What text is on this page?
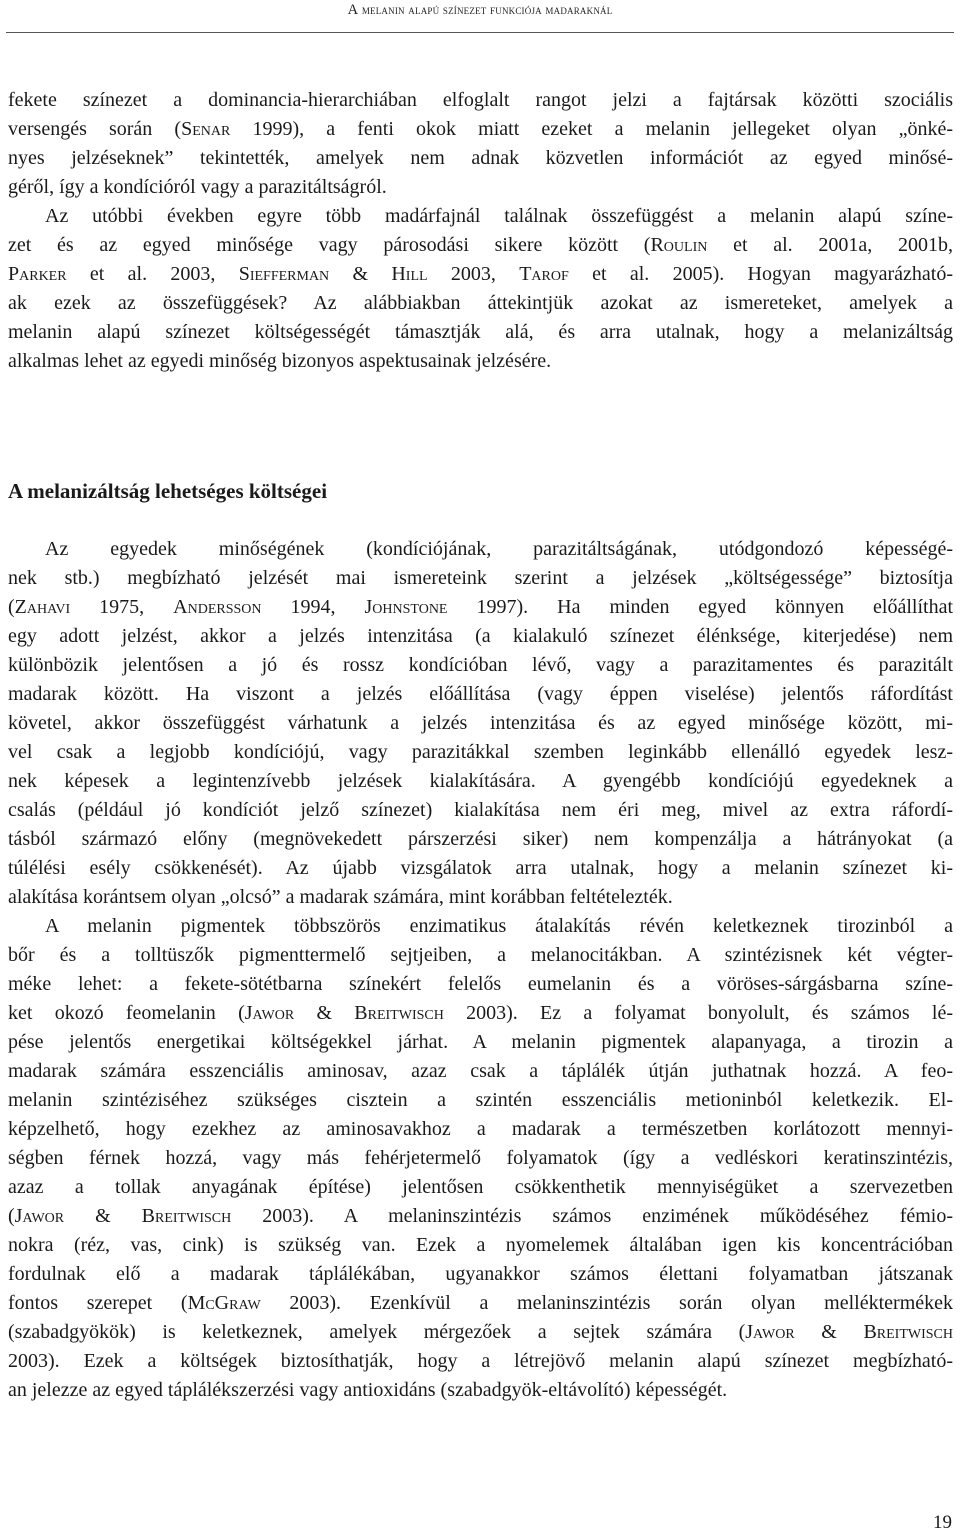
A melanin alapú színezet funkciója madaraknál
fekete színezet a dominancia-hierarchiában elfoglalt rangot jelzi a fajtársak közötti szociális
versengés során (Senar 1999), a fenti okok miatt ezeket a melanin jellegeket olyan „önké-
nyes jelzéseknek” tekintették, amelyek nem adnak közvetlen információt az egyed minősé-
géről, így a kondícióról vagy a parazitáltságról.
Az utóbbi években egyre több madárfajnál találnak összefüggést a melanin alapú színe-
zet és az egyed minősége vagy párosodási sikere között (Roulin et al. 2001a, 2001b,
Parker et al. 2003, Siefferman & Hill 2003, Tarof et al. 2005). Hogyan magyarázható-
ak ezek az összefüggések? Az alábbiakban áttekintjük azokat az ismereteket, amelyek a
melanin alapú színezet költségességét támasztják alá, és arra utalnak, hogy a melanizáltság
alkalmas lehet az egyedi minőség bizonyos aspektusainak jelzésére.
A melanizáltság lehetséges költségei
Az egyedek minőségének (kondíciójának, parazitáltságának, utódgondozó képességé-
nek stb.) megbízható jelzését mai ismereteink szerint a jelzések „költségessége” biztosítja
(Zahavi 1975, Andersson 1994, Johnstone 1997). Ha minden egyed könnyen előállíthat
egy adott jelzést, akkor a jelzés intenzitása (a kialakuló színezet élénksége, kiterjedése) nem
különbözik jelentősen a jó és rossz kondícióban lévő, vagy a parazitamentes és parazitált
madarak között. Ha viszont a jelzés előállítása (vagy éppen viselése) jelentős ráfordítást
követel, akkor összefüggést várhatunk a jelzés intenzitása és az egyed minősége között, mi-
vel csak a legjobb kondíciójú, vagy parazitákkal szemben leginkább ellenálló egyedek lesz-
nek képesek a legintenzívebb jelzések kialakítására. A gyengébb kondíciójú egyedeknek a
csalás (például jó kondíciót jelző színezet) kialakítása nem éri meg, mivel az extra ráfordí-
tásból származó előny (megnövekedett párszerzési siker) nem kompenzálja a hátrányokat (a
túlélési esély csökkenését). Az újabb vizsgálatok arra utalnak, hogy a melanin színezet ki-
alakítása korántsem olyan „olcsó” a madarak számára, mint korábban feltételezték.
A melanin pigmentek többszörös enzimatikus átalakítás révén keletkeznek tirozinból a
bőr és a tolltüszők pigmenttermelő sejtjeiben, a melanocitákban. A szintézisnek két végter-
méke lehet: a fekete-sötétbarna színekért felelős eumelanin és a vöröses-sárgásbarna színe-
ket okozó feomelanin (Jawor & Breitwisch 2003). Ez a folyamat bonyolult, és számos lé-
pése jelentős energetikai költségekkel járhat. A melanin pigmentek alapanyaga, a tirozin a
madarak számára esszenciális aminosav, azaz csak a táplálék útján juthatnak hozzá. A feo-
melanin szintéziséhez szükséges cisztein a szintén esszenciális metioninból keletkezik. El-
képzelhető, hogy ezekhez az aminosavakhoz a madarak a természetben korlátozott mennyi-
ségben férnek hozzá, vagy más fehérjetermelő folyamatok (így a vedléskori keratinszintézis,
azaz a tollak anyagának építése) jelentősen csökkenthetik mennyiségüket a szervezetben
(Jawor & Breitwisch 2003). A melaninszintézis számos enzimének működéséhez fémio-
nokra (réz, vas, cink) is szükség van. Ezek a nyomelemek általában igen kis koncentrációban
fordulnak elő a madarak táplálékában, ugyanakkor számos élettani folyamatban játszanak
fontos szerepet (McGraw 2003). Ezenkívül a melaninszintézis során olyan melléktermékek
(szabadgyökök) is keletkeznek, amelyek mérgezőek a sejtek számára (Jawor & Breitwisch
2003). Ezek a költségek biztosíthatják, hogy a létrejövő melanin alapú színezet megbízható-
an jelezze az egyed táplálékszerzési vagy antioxidáns (szabadgyök-eltávolító) képességét.
19
